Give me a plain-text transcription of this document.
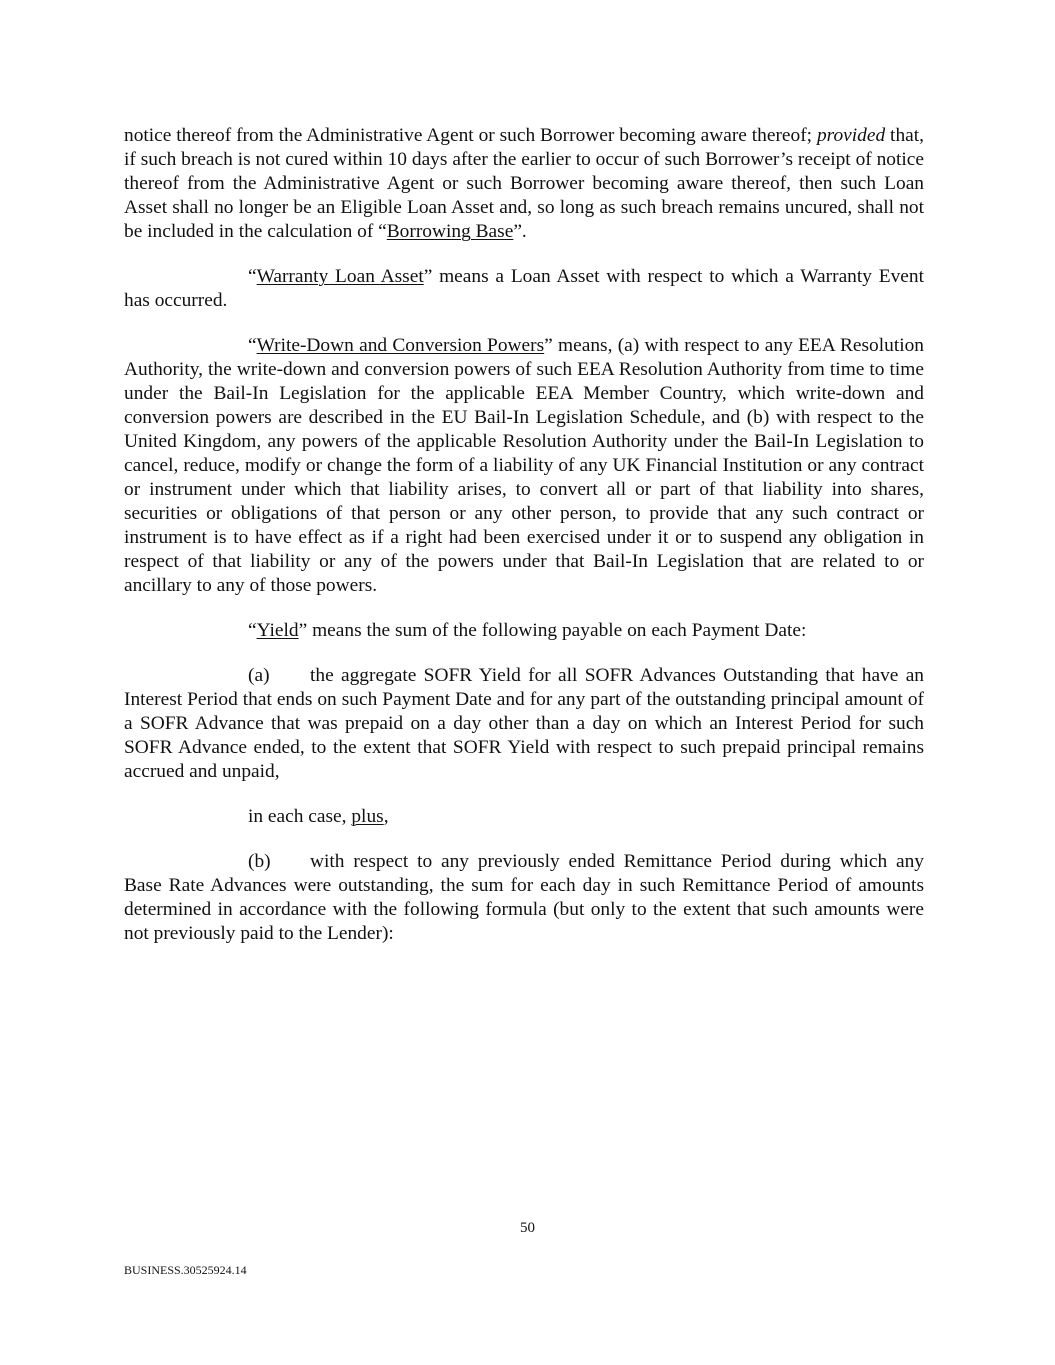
notice thereof from the Administrative Agent or such Borrower becoming aware thereof; provided that, if such breach is not cured within 10 days after the earlier to occur of such Borrower’s receipt of notice thereof from the Administrative Agent or such Borrower becoming aware thereof, then such Loan Asset shall no longer be an Eligible Loan Asset and, so long as such breach remains uncured, shall not be included in the calculation of “Borrowing Base”.

“Warranty Loan Asset” means a Loan Asset with respect to which a Warranty Event has occurred.

“Write-Down and Conversion Powers” means, (a) with respect to any EEA Resolution Authority, the write-down and conversion powers of such EEA Resolution Authority from time to time under the Bail-In Legislation for the applicable EEA Member Country, which write-down and conversion powers are described in the EU Bail-In Legislation Schedule, and (b) with respect to the United Kingdom, any powers of the applicable Resolution Authority under the Bail-In Legislation to cancel, reduce, modify or change the form of a liability of any UK Financial Institution or any contract or instrument under which that liability arises, to convert all or part of that liability into shares, securities or obligations of that person or any other person, to provide that any such contract or instrument is to have effect as if a right had been exercised under it or to suspend any obligation in respect of that liability or any of the powers under that Bail-In Legislation that are related to or ancillary to any of those powers.

“Yield” means the sum of the following payable on each Payment Date:

(a) the aggregate SOFR Yield for all SOFR Advances Outstanding that have an Interest Period that ends on such Payment Date and for any part of the outstanding principal amount of a SOFR Advance that was prepaid on a day other than a day on which an Interest Period for such SOFR Advance ended, to the extent that SOFR Yield with respect to such prepaid principal remains accrued and unpaid,

in each case, plus,

(b) with respect to any previously ended Remittance Period during which any Base Rate Advances were outstanding, the sum for each day in such Remittance Period of amounts determined in accordance with the following formula (but only to the extent that such amounts were not previously paid to the Lender):

50
BUSINESS.30525924.14
